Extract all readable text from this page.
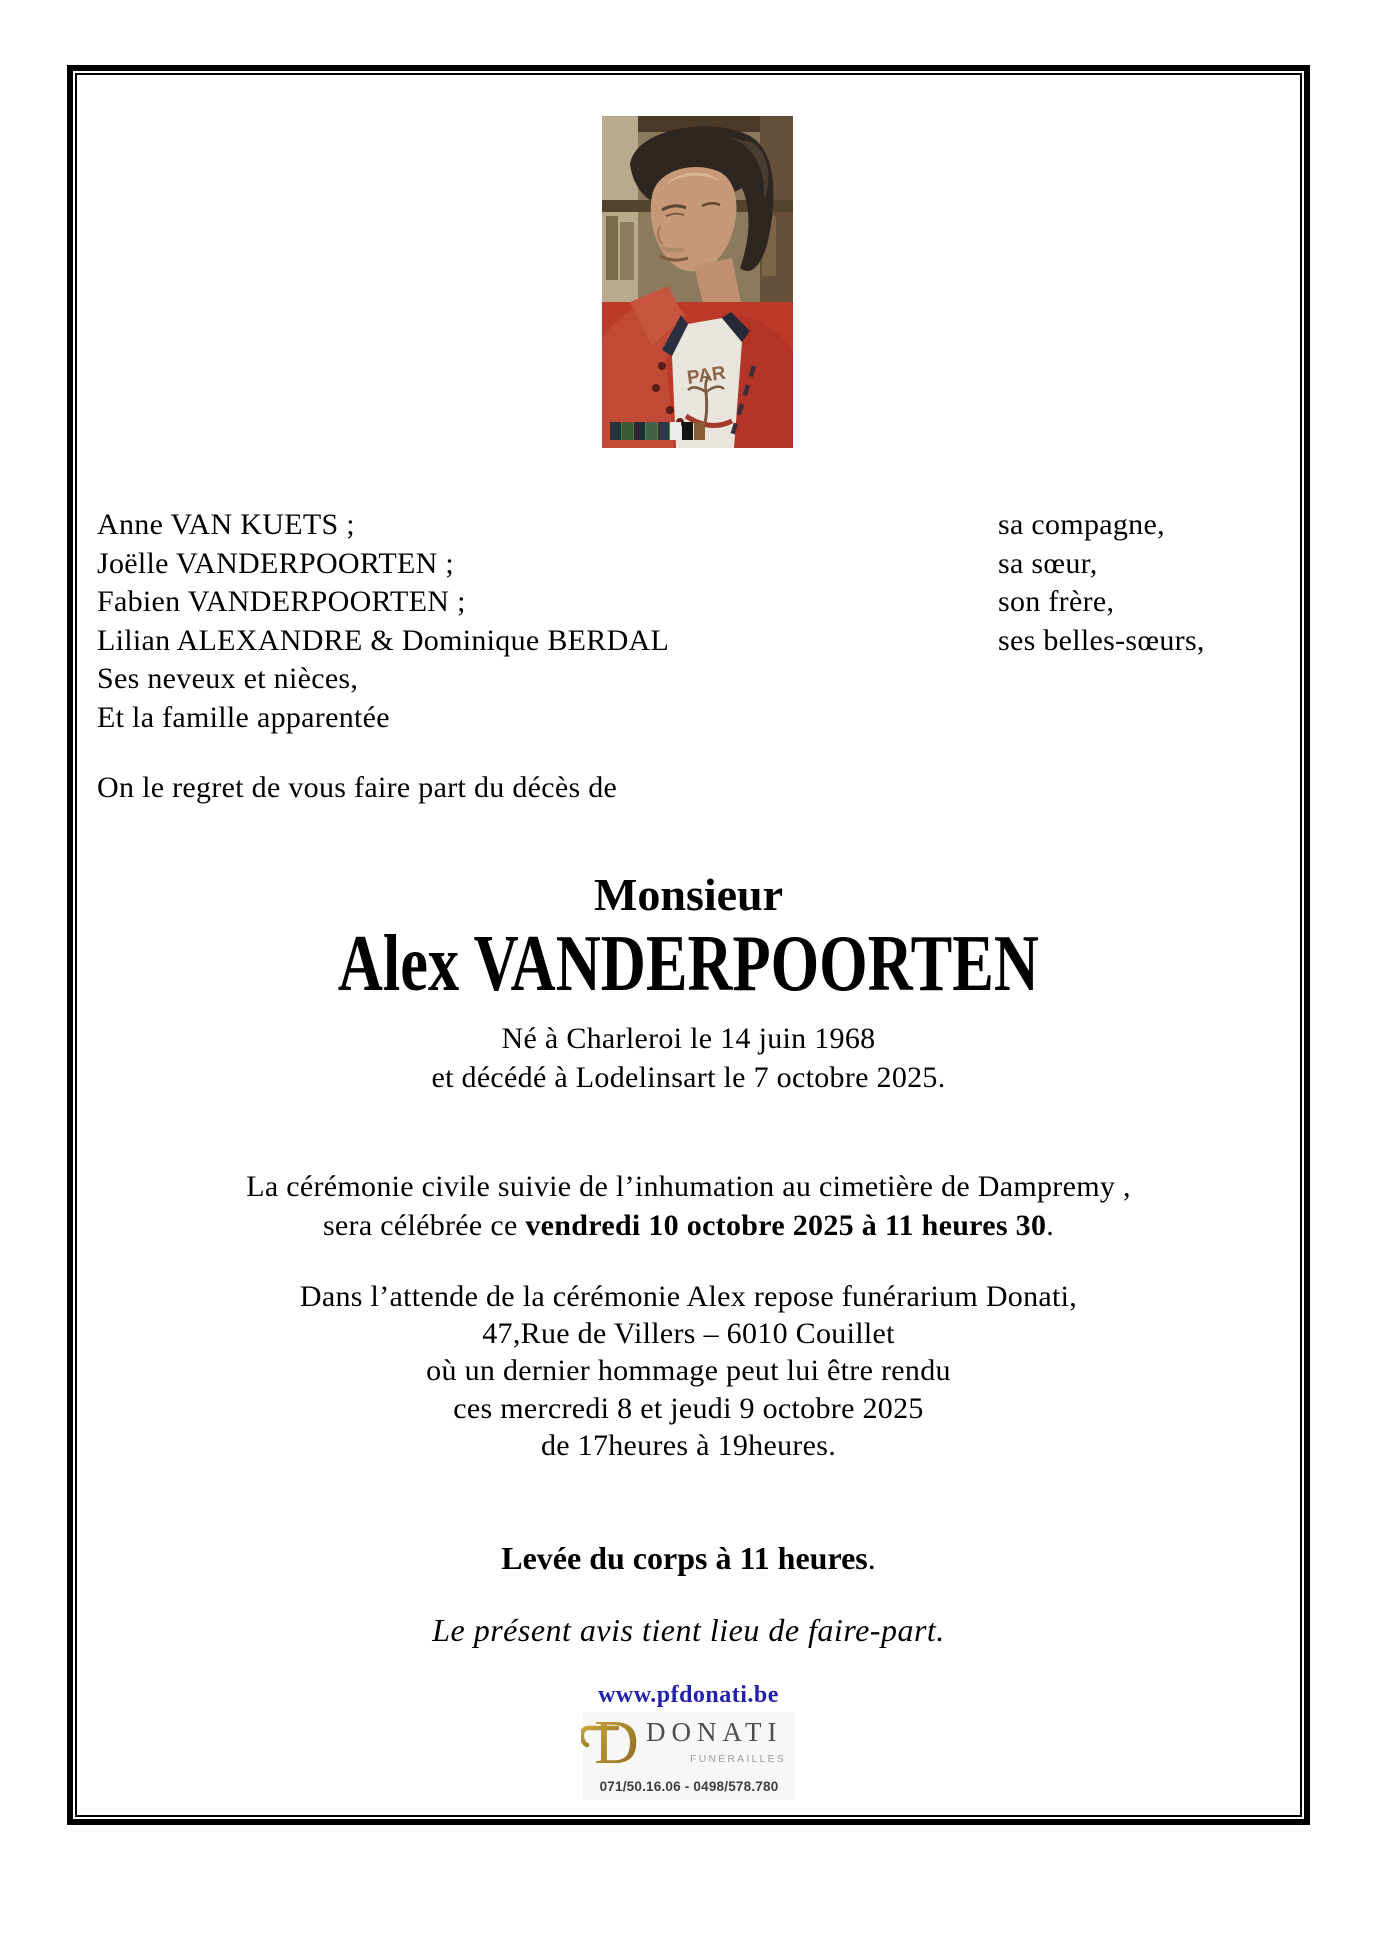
PAR
Anne VAN KUETS ;
Joëlle VANDERPOORTEN ;
Fabien VANDERPOORTEN ;
Lilian ALEXANDRE & Dominique BERDAL
Ses neveux et nièces,
Et la famille apparentée
sa compagne,
sa sœur,
son frère,
ses belles-sœurs,
On le regret de vous faire part du décès de
Monsieur
Alex VANDERPOORTEN
Né à Charleroi le 14 juin 1968
et décédé à Lodelinsart le 7 octobre 2025.
La cérémonie civile suivie de l’inhumation au cimetière de Dampremy ,
sera célébrée ce vendredi 10 octobre 2025 à 11 heures 30.
Dans l’attende de la cérémonie Alex repose funérarium Donati,
47,Rue de Villers – 6010 Couillet
où un dernier hommage peut lui être rendu
ces mercredi 8 et jeudi 9 octobre 2025
de 17heures à 19heures.
Levée du corps à 11 heures.
Le présent avis tient lieu de faire-part.
www.pfdonati.be
D DONATI
FUNÉRAILLES
071/50.16.06 - 0498/578.780
